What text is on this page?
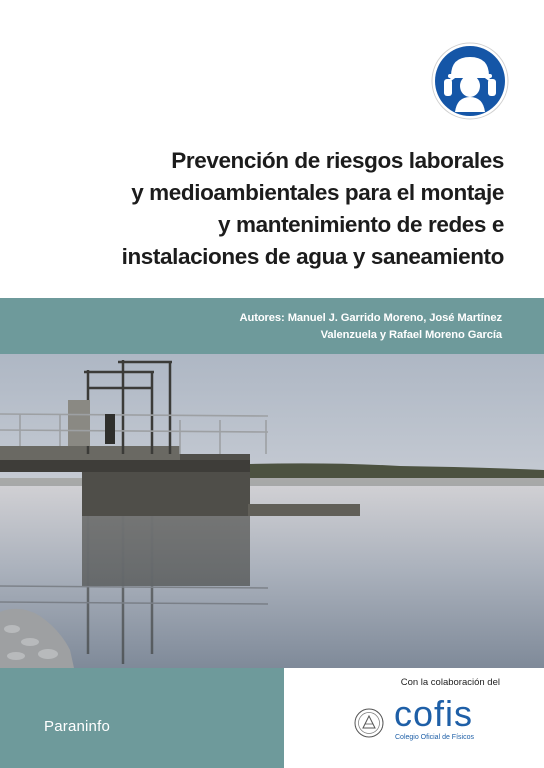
Prevención de riesgos laborales
y medioambientales para el montaje
y mantenimiento de redes e
instalaciones de agua y saneamiento
Autores: Manuel J. Garrido Moreno, José Martínez
Valenzuela y Rafael Moreno García
Paraninfo
Con la colaboración del
cofis
Colegio Oficial de Físicos
